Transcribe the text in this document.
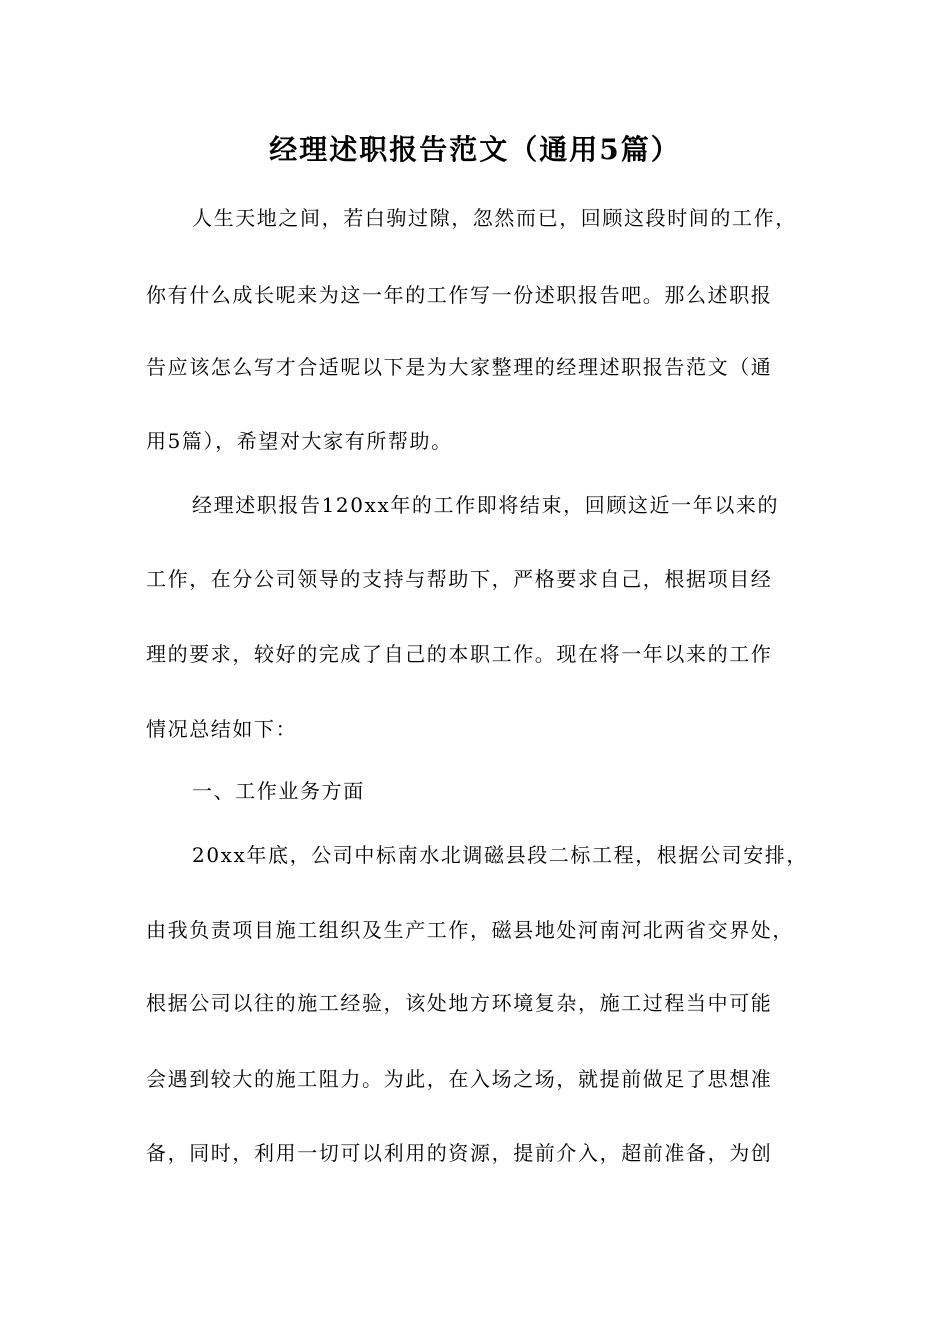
经理述职报告范文（通用5篇）
人生天地之间，若白驹过隙，忽然而已，回顾这段时间的工作，
你有什么成长呢来为这一年的工作写一份述职报告吧。那么述职报
告应该怎么写才合适呢以下是为大家整理的经理述职报告范文（通
用5篇），希望对大家有所帮助。
经理述职报告120xx年的工作即将结束，回顾这近一年以来的
工作，在分公司领导的支持与帮助下，严格要求自己，根据项目经
理的要求，较好的完成了自己的本职工作。现在将一年以来的工作
情况总结如下：
一、工作业务方面
20xx年底，公司中标南水北调磁县段二标工程，根据公司安排，
由我负责项目施工组织及生产工作，磁县地处河南河北两省交界处，
根据公司以往的施工经验，该处地方环境复杂，施工过程当中可能
会遇到较大的施工阻力。为此，在入场之场，就提前做足了思想准
备，同时，利用一切可以利用的资源，提前介入，超前准备，为创
